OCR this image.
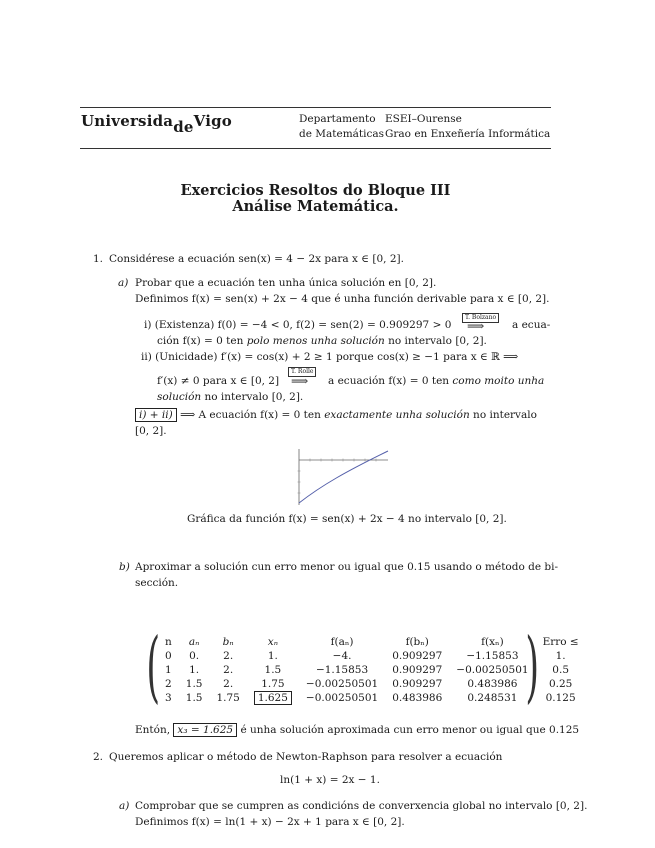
UniversidadeVigo	Departamento
de Matemáticas
ESEI–Ourense
Grao en Enxeñería Informática
Exercicios Resoltos do Bloque III
Análise Matemática.
1. Considérese a ecuación sen(x) = 4 − 2x para x ∈ [0, 2].
a) Probar que a ecuación ten unha única solución en [0, 2].
Definimos f(x) = sen(x) + 2x − 4 que é unha función derivable para x ∈ [0, 2].
i) (Existenza) f(0) = −4 < 0, f(2) = sen(2) = 0.909297 > 0
T. Bolzano
⟹	a ecua-
ción f(x) = 0 ten polo menos unha solución no intervalo [0, 2].
ii) (Unicidade) f′(x) = cos(x) + 2 ≥ 1 porque cos(x) ≥ −1 para x ∈ ℝ ⟹
f′(x) ≠ 0 para x ∈ [0, 2]
T. Rolle
⟹ a ecuación f(x) = 0 ten como moito unha
solución no intervalo [0, 2].
i) + ii) ⟹ A ecuación f(x) = 0 ten exactamente unha solución no intervalo
[0, 2].
Gráfica da función f(x) = sen(x) + 2x − 4 no intervalo [0, 2].
b) Aproximar a solución cun erro menor ou igual que 0.15 usando o método de bi-
sección.
( n	aₙ	bₙ	xₙ	f(aₙ)	f(bₙ)	f(xₙ)	Erro ≤
0	0.	2.	1.	−4.	0.909297	−1.15853	1.
1	1.	2.	1.5	−1.15853	0.909297	−0.00250501	0.5
2	1.5	2.	1.75	−0.00250501	0.909297	0.483986	0.25
3	1.5	1.75	1.625	−0.00250501	0.483986	0.248531	0.125
)
Entón, x₃ = 1.625 é unha solución aproximada cun erro menor ou igual que 0.125
2. Queremos aplicar o método de Newton-Raphson para resolver a ecuación
ln(1 + x) = 2x − 1.
a) Comprobar que se cumpren as condicións de converxencia global no intervalo [0, 2].
Definimos f(x) = ln(1 + x) − 2x + 1 para x ∈ [0, 2].
